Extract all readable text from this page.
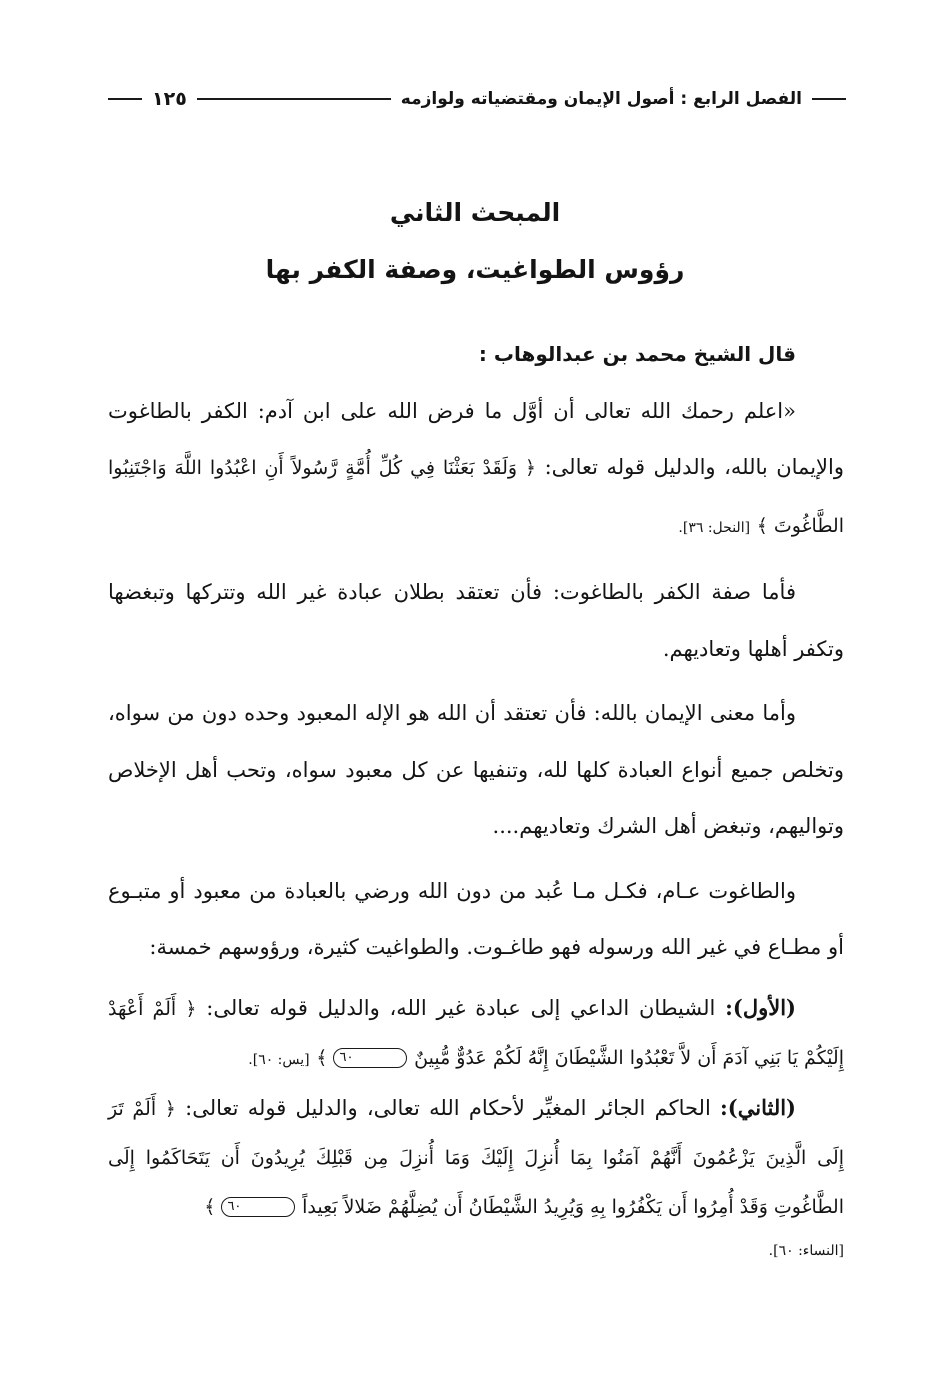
الفصل الرابع : أصول الإيمان ومقتضياته ولوازمه
١٢٥
المبحث الثاني
رؤوس الطواغيت، وصفة الكفر بها

قال الشيخ محمد بن عبدالوهاب :

«اعلم رحمك الله تعالى أن أوَّل ما فرض الله على ابن آدم: الكفر بالطاغوت والإيمان بالله، والدليل قوله تعالى: ﴿ وَلَقَدْ بَعَثْنَا فِي كُلِّ أُمَّةٍ رَّسُولاً أَنِ اعْبُدُوا اللَّهَ وَاجْتَنِبُوا الطَّاغُوتَ ﴾ [النحل: ٣٦].

فأما صفة الكفر بالطاغوت: فأن تعتقد بطلان عبادة غير الله وتتركها وتبغضها وتكفر أهلها وتعاديهم.

وأما معنى الإيمان بالله: فأن تعتقد أن الله هو الإله المعبود وحده دون من سواه، وتخلص جميع أنواع العبادة كلها لله، وتنفيها عن كل معبود سواه، وتحب أهل الإخلاص وتواليهم، وتبغض أهل الشرك وتعاديهم....

والطاغوت عـام، فكـل مـا عُبد من دون الله ورضي بالعبادة من معبود أو متبـوع أو مطـاع في غير الله ورسوله فهو طاغـوت. والطواغيت كثيرة، ورؤوسهم خمسة:

(الأول): الشيطان الداعي إلى عبادة غير الله، والدليل قوله تعالى: ﴿ أَلَمْ أَعْهَدْ إِلَيْكُمْ يَا بَنِي آدَمَ أَن لاَّ تَعْبُدُوا الشَّيْطَانَ إِنَّهُ لَكُمْ عَدُوٌّ مُّبِينٌ ٦٠ ﴾ [يس: ٦٠].

(الثاني): الحاكم الجائر المغيِّر لأحكام الله تعالى، والدليل قوله تعالى: ﴿ أَلَمْ تَرَ إِلَى الَّذِينَ يَزْعُمُونَ أَنَّهُمْ آمَنُوا بِمَا أُنزِلَ إِلَيْكَ وَمَا أُنزِلَ مِن قَبْلِكَ يُرِيدُونَ أَن يَتَحَاكَمُوا إِلَى الطَّاغُوتِ وَقَدْ أُمِرُوا أَن يَكْفُرُوا بِهِ وَيُرِيدُ الشَّيْطَانُ أَن يُضِلَّهُمْ ضَلالاً بَعِيداً ٦٠ ﴾

[النساء: ٦٠].
